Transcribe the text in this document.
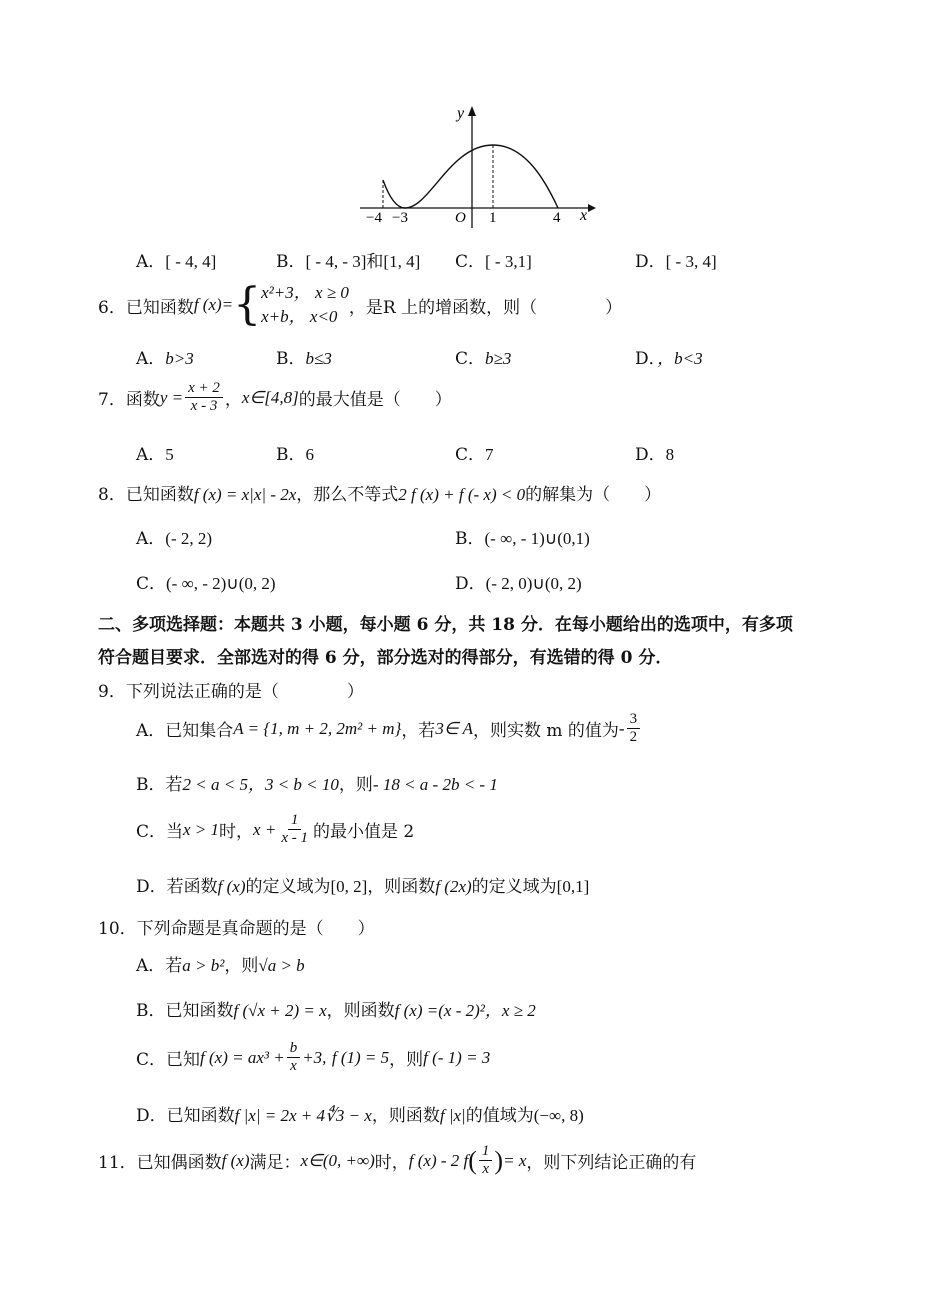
y
x
O
−4 −3	1	4
A．[ - 4, 4]	B．[ - 4, - 3]和[1, 4] C．[ - 3,1]	D．[ - 3, 4]
6． 已知函数 f (x)= { x²+3， x ≥ 0
x+b， x<0 ，是R 上的增函数，则（　　　　）
A．b>3	B．b≤3	C．b≥3	D．，b<3
7． 函数 $y = \frac{x + 2}{x - 3}$ ， x∈[4,8] 的最大值是（　　）
A．5	B．6	C．7	D．8
8．已知函数f (x) = x|x| - 2x，那么不等式2 f (x) + f (- x) < 0的解集为（　　）
A．(- 2, 2)	B．(- ∞, - 1)∪(0,1)
C．(- ∞, - 2)∪(0, 2)	D．(- 2, 0)∪(0, 2)
二、多项选择题：本题共 3 小题，每小题 6 分，共 18 分．在每小题给出的选项中，有多项
符合题目要求．全部选对的得 6 分，部分选对的得部分，有选错的得 0 分．
9．下列说法正确的是（　　　　）
A． 已知集合 A = {1, m + 2, 2m² + m} ，若 3∈ A ，则实数 m 的值为 - $\frac{3}{2}$
B．若2 < a < 5，3 < b < 10，则- 18 < a - 2b < - 1
C． 当 x > 1 时， $x + \frac{1}{x - 1}$ 的最小值是 2
D．若函数f (x)的定义域为[0, 2]，则函数f (2x)的定义域为[0,1]
10．下列命题是真命题的是（　　）
A．若a > b²，则√a > b
B．已知函数f (√x + 2) = x，则函数f (x) =(x - 2)²，x ≥ 2
C． 已知 f $(x) = ax^3 + \frac{b}{x} +3$,
f (1) = 5 ，则 f (- 1) = 3
D．已知函数f |x| = 2x + 4∜3 − x，则函数f |x|的值域为(−∞, 8)
11． 已知偶函数 f (x) 满足： x∈(0, +∞) 时， f (x) - 2 f ( $\frac{1}{x}$ ) = x ，则下列结论正确的有
